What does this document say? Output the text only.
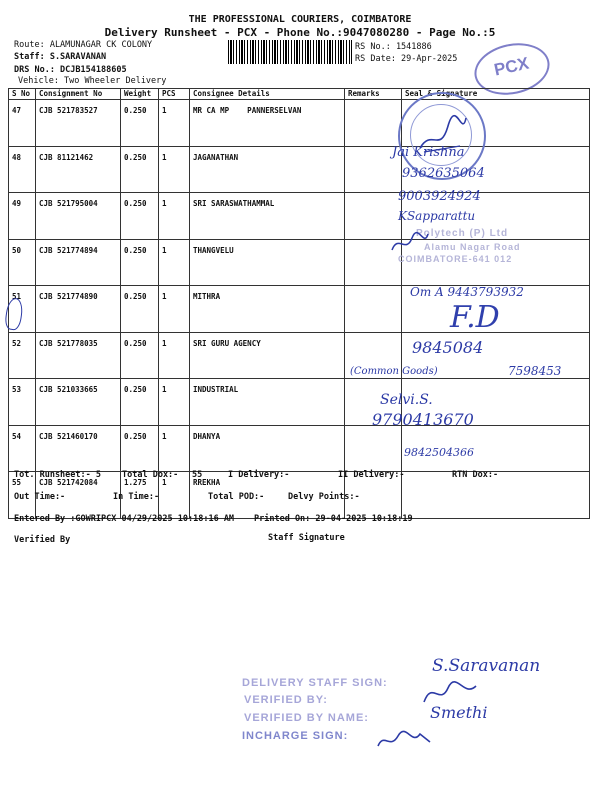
THE PROFESSIONAL COURIERS, COIMBATORE
Delivery Runsheet - PCX - Phone No.:9047080280 - Page No.:5
Route: ALAMUNAGAR CK COLONY
Staff: S.SARAVANAN
DRS No.: DCJB154188605
Vehicle: Two Wheeler Delivery
RS No.: 1541886
RS Date: 29-Apr-2025	PCX
S No	Consignment No	Weight	PCS	Consignee Details	Remarks	Seal & Signature
47	CJB 521783527	0.250	1	MR CA MP    PANNERSELVAN		
48	CJB 81121462	0.250	1	JAGANATHAN		
49	CJB 521795004	0.250	1	SRI SARASWATHAMMAL		
50	CJB 521774894	0.250	1	THANGVELU		
51	CJB 521774890	0.250	1	MITHRA		
52	CJB 521778035	0.250	1	SRI GURU AGENCY		
53	CJB 521033665	0.250	1	INDUSTRIAL		
54	CJB 521460170	0.250	1	DHANYA		
55	CJB 521742084	1.275	1	RREKHA		
Jai Krishna
9362635064
9003924924
KSapparattu
Polytech (P) Ltd
Alamu Nagar Road
COIMBATORE-641 012
Om A 9443793932
F.D
9845084
(Common Goods)	7598453
Selvi.S.
9790413670
9842504366
Tot. Runsheet:- 5 Total Dox:- 55	I Delivery:-	II Delivery:-	RTN Dox:-
Out Time:-	In Time:-	Total POD:-	Delvy Points:-
Entered By :GOWRIPCX 04/29/2025 10:18:16 AM Printed On: 29-04-2025 10:18:19
Verified By	Staff Signature
DELIVERY STAFF SIGN:
VERIFIED BY:
VERIFIED BY NAME:
INCHARGE SIGN:
S.Saravanan
Smethi
